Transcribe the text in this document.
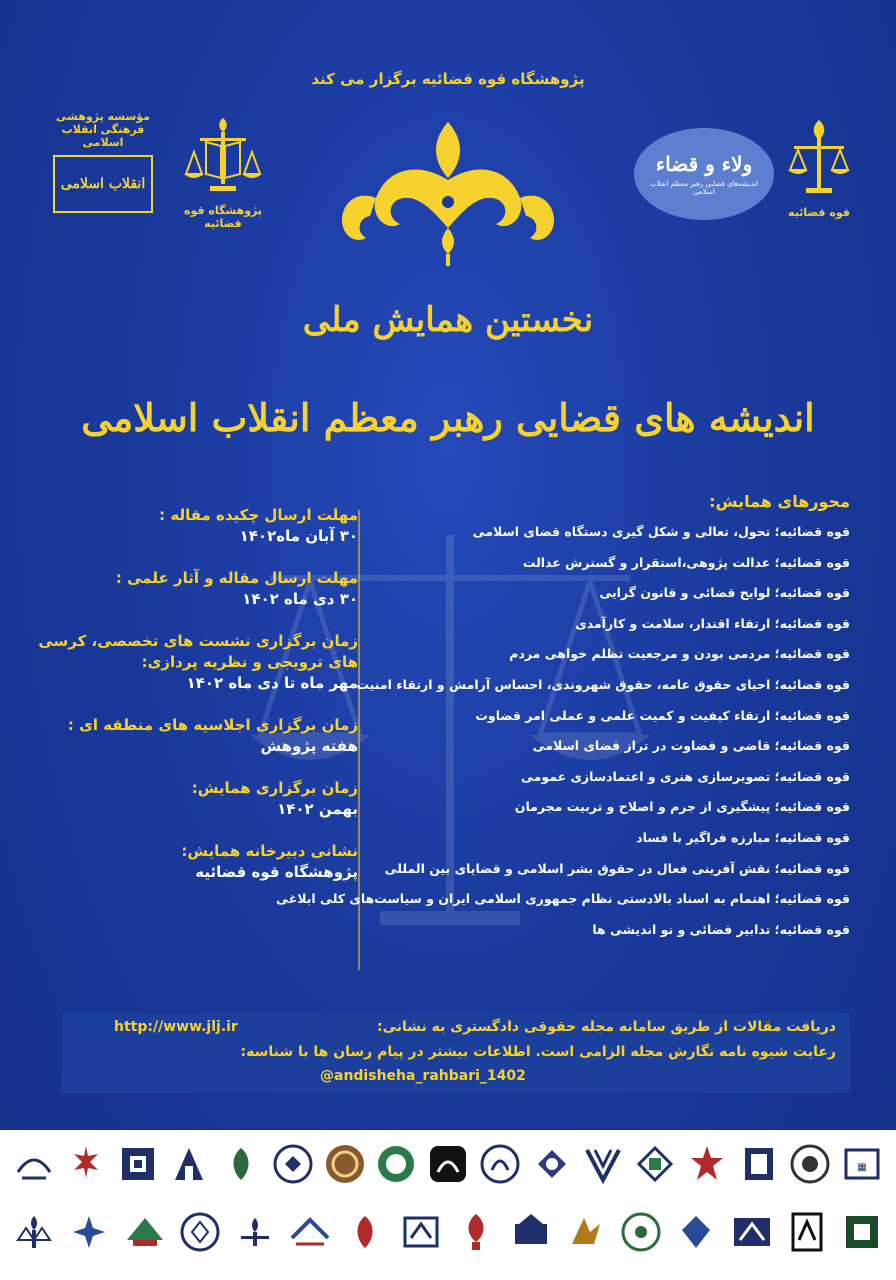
پژوهشگاه قوه قضائیه برگزار می کند
قوه قضائیه
ولاء و قضاء
اندیشه‌های قضایی رهبر معظم انقلاب اسلامی
پژوهشگاه قوه قضائیه
مؤسسه پژوهشی فرهنگی انقلاب اسلامی
انقلاب اسلامی
نخستین همایش ملی
اندیشه های قضایی رهبر معظم انقلاب اسلامی
مهلت ارسال چکیده مقاله :
۳۰ آبان ماه۱۴۰۲
مهلت ارسال مقاله و آثار علمی :
۳۰ دی ماه ۱۴۰۲
زمان برگزاری نشست های تخصصی، کرسی های ترویجی و نظریه پردازی:
مهر ماه تا دی ماه ۱۴۰۲
زمان برگزاری اجلاسیه های منطقه ای :
هفته پژوهش
زمان برگزاری همایش:
بهمن ۱۴۰۲
نشانی دبیرخانه همایش:
پژوهشگاه قوه قضائیه
محورهای همایش:
قوه قضائیه؛ تحول، تعالی و شکل گیری دستگاه قضای اسلامی
قوه قضائیه؛ عدالت پژوهی،استقرار و گسترش عدالت
قوه قضائیه؛ لوایح قضائی و قانون گرایی
قوه قضائیه؛ ارتقاء اقتدار، سلامت و کارآمدی
قوه قضائیه؛ مردمی بودن و مرجعیت تظلم خواهی مردم
قوه قضائیه؛ احیای حقوق عامه، حقوق شهروندی، احساس آرامش و ارتقاء امنیت
قوه قضائیه؛ ارتقاء کیفیت و کمیت علمی و عملی امر قضاوت
قوه قضائیه؛ قاضی و قضاوت در تراز قضای اسلامی
قوه قضائیه؛ تصویرسازی هنری و اعتمادسازی عمومی
قوه قضائیه؛ پیشگیری از جرم و اصلاح و تربیت مجرمان
قوه قضائیه؛ مبارزه فراگیر با فساد
قوه قضائیه؛ نقش آفرینی فعال در حقوق بشر اسلامی و قضایای بین المللی
قوه قضائیه؛ اهتمام به اسناد بالادستی نظام جمهوری اسلامی ایران و سیاست‌های کلی ابلاغی
قوه قضائیه؛ تدابیر قضائی و نو اندیشی ها
دریافت مقالات از طریق سامانه مجله حقوقی دادگستری به نشانی:
http://www.jlj.ir
رعایت شیوه نامه نگارش مجله الزامی است. اطلاعات بیشتر در پیام رسان ها با شناسه:
@andisheha_rahbari_1402
▦
